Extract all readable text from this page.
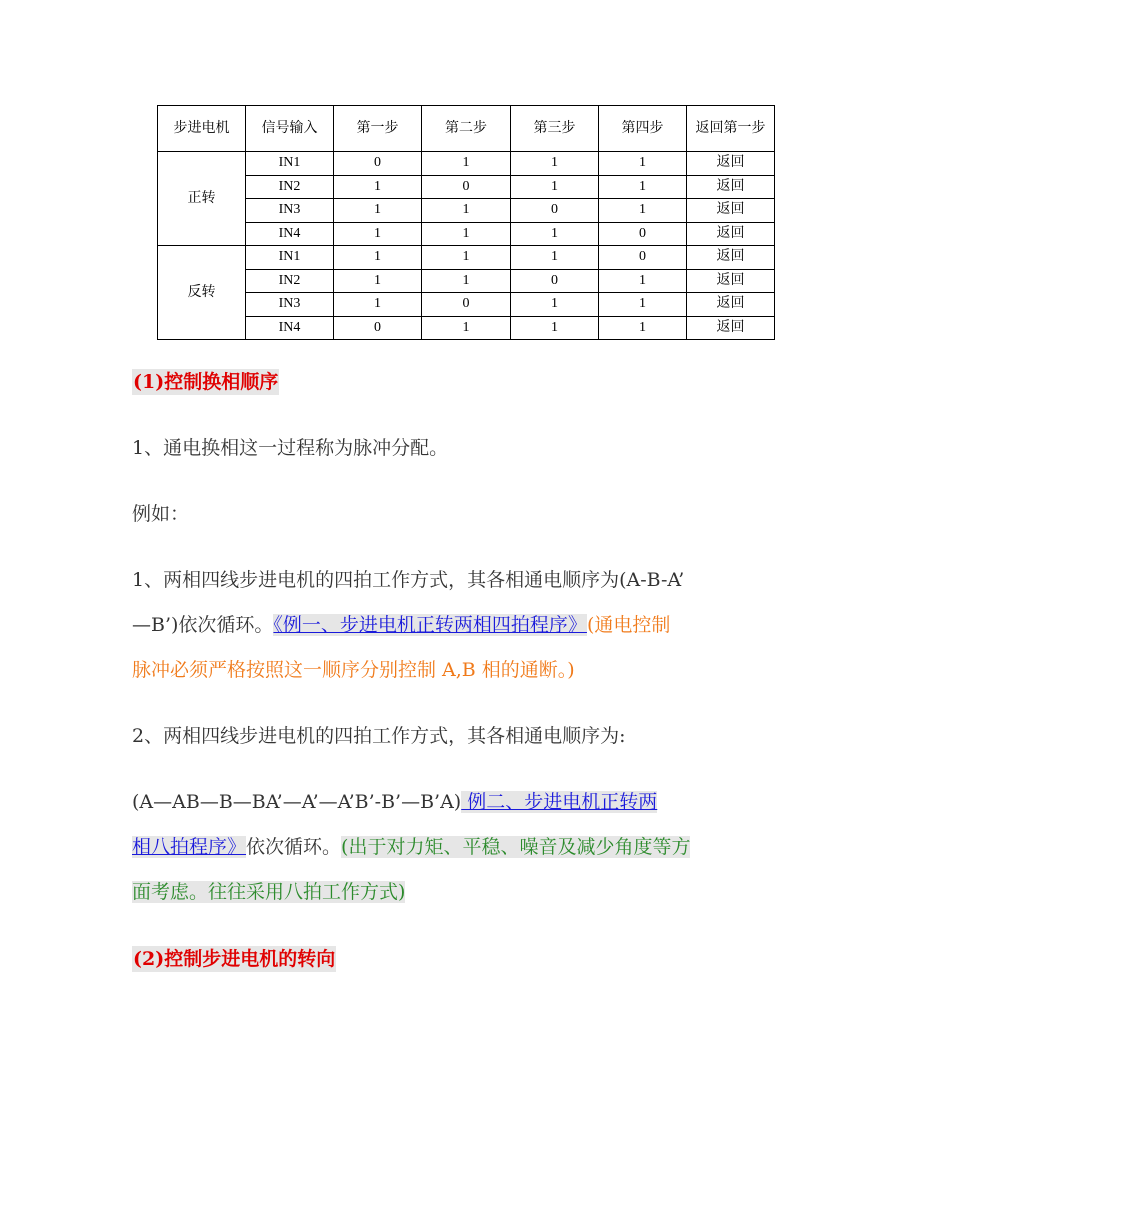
步进电机	信号输入	第一步	第二步	第三步	第四步	返回第一步
正转	IN1	0	1	1	1	返回
	IN2	1	0	1	1	返回
	IN3	1	1	0	1	返回
	IN4	1	1	1	0	返回
反转	IN1	1	1	1	0	返回
	IN2	1	1	0	1	返回
	IN3	1	0	1	1	返回
	IN4	0	1	1	1	返回
(1)控制换相顺序
1、通电换相这一过程称为脉冲分配。
例如：
1、两相四线步进电机的四拍工作方式，其各相通电顺序为(A-B-A’
—B’)依次循环。《例一、步进电机正转两相四拍程序》(通电控制
脉冲必须严格按照这一顺序分别控制 A,B 相的通断。)
2、两相四线步进电机的四拍工作方式，其各相通电顺序为:
(A—AB—B—BA’—A’—A’B’-B’—B’A) 例二、步进电机正转两
相八拍程序》依次循环。(出于对力矩、平稳、噪音及减少角度等方
面考虑。往往采用八拍工作方式)
(2)控制步进电机的转向
